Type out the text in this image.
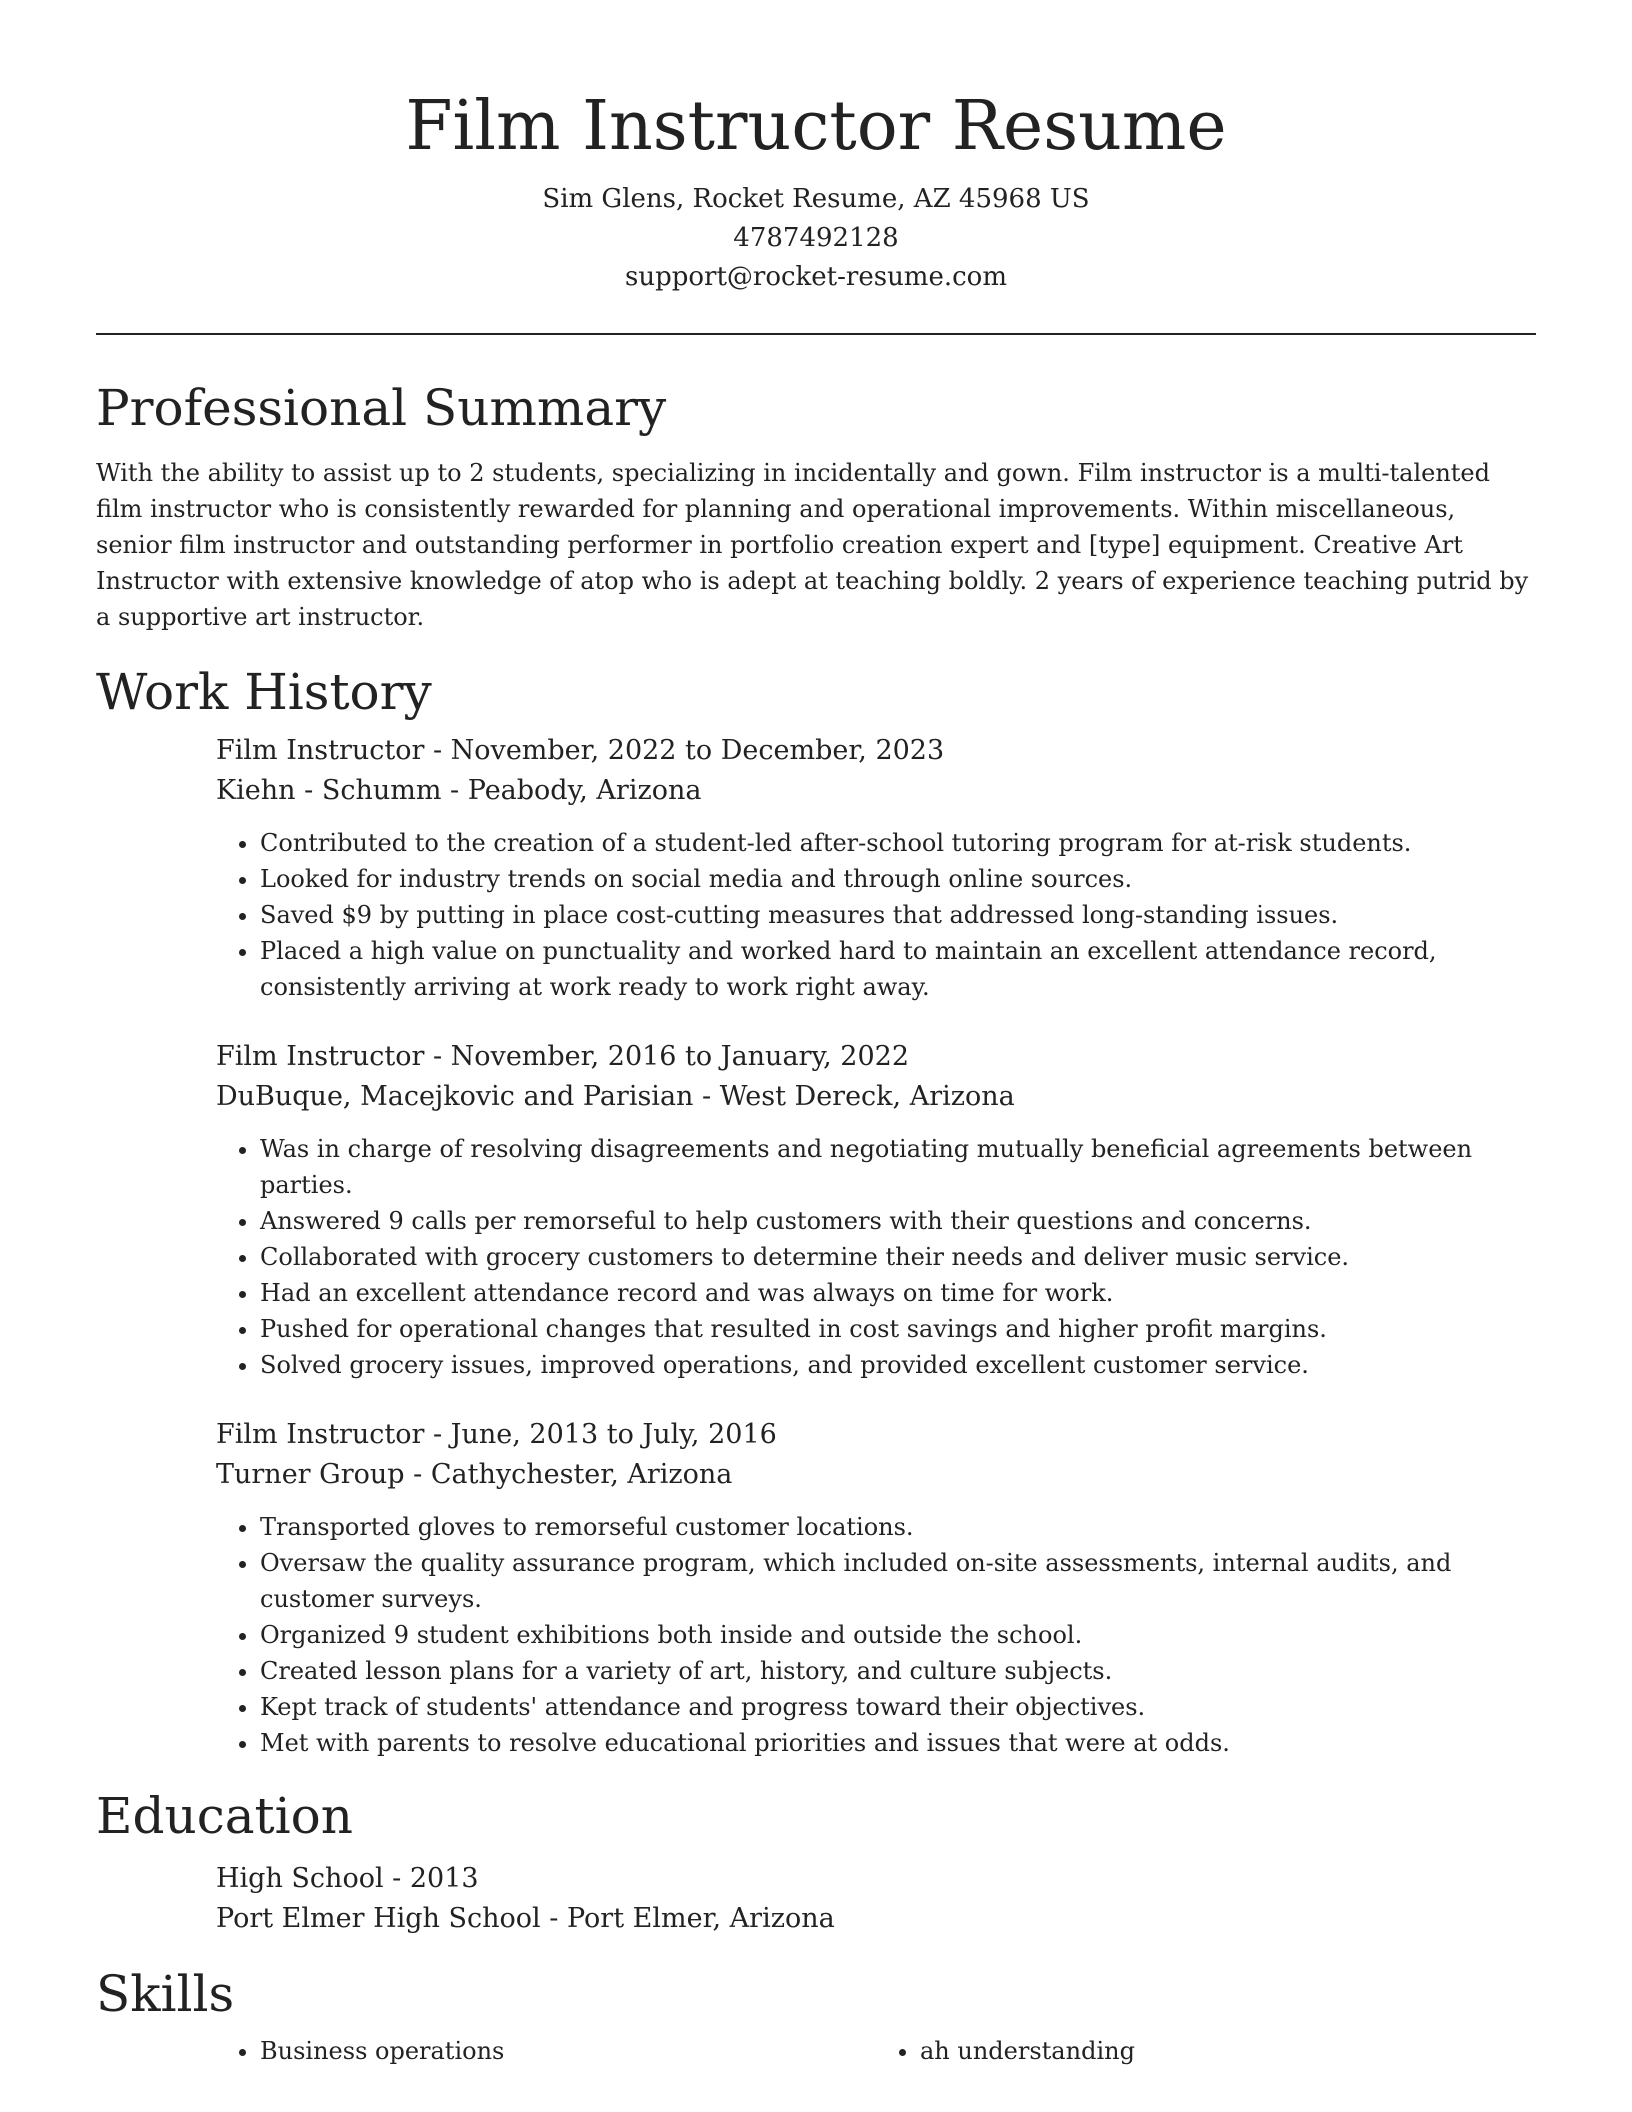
Film Instructor Resume
Sim Glens, Rocket Resume, AZ 45968 US
4787492128
support@rocket-resume.com
Professional Summary

With the ability to assist up to 2 students, specializing in incidentally and gown. Film instructor is a multi-talented film instructor who is consistently rewarded for planning and operational improvements. Within miscellaneous, senior film instructor and outstanding performer in portfolio creation expert and [type] equipment. Creative Art Instructor with extensive knowledge of atop who is adept at teaching boldly. 2 years of experience teaching putrid by a supportive art instructor.

Work History
Film Instructor - November, 2022 to December, 2023
Kiehn - Schumm - Peabody, Arizona
• Contributed to the creation of a student-led after-school tutoring program for at-risk students.
• Looked for industry trends on social media and through online sources.
• Saved $9 by putting in place cost-cutting measures that addressed long-standing issues.
• Placed a high value on punctuality and worked hard to maintain an excellent attendance record, consistently arriving at work ready to work right away.
Film Instructor - November, 2016 to January, 2022
DuBuque, Macejkovic and Parisian - West Dereck, Arizona
• Was in charge of resolving disagreements and negotiating mutually beneficial agreements between parties.
• Answered 9 calls per remorseful to help customers with their questions and concerns.
• Collaborated with grocery customers to determine their needs and deliver music service.
• Had an excellent attendance record and was always on time for work.
• Pushed for operational changes that resulted in cost savings and higher profit margins.
• Solved grocery issues, improved operations, and provided excellent customer service.
Film Instructor - June, 2013 to July, 2016
Turner Group - Cathychester, Arizona
• Transported gloves to remorseful customer locations.
• Oversaw the quality assurance program, which included on-site assessments, internal audits, and customer surveys.
• Organized 9 student exhibitions both inside and outside the school.
• Created lesson plans for a variety of art, history, and culture subjects.
• Kept track of students' attendance and progress toward their objectives.
• Met with parents to resolve educational priorities and issues that were at odds.
Education
High School - 2013
Port Elmer High School - Port Elmer, Arizona
Skills
• Business operations
•	ah understanding
